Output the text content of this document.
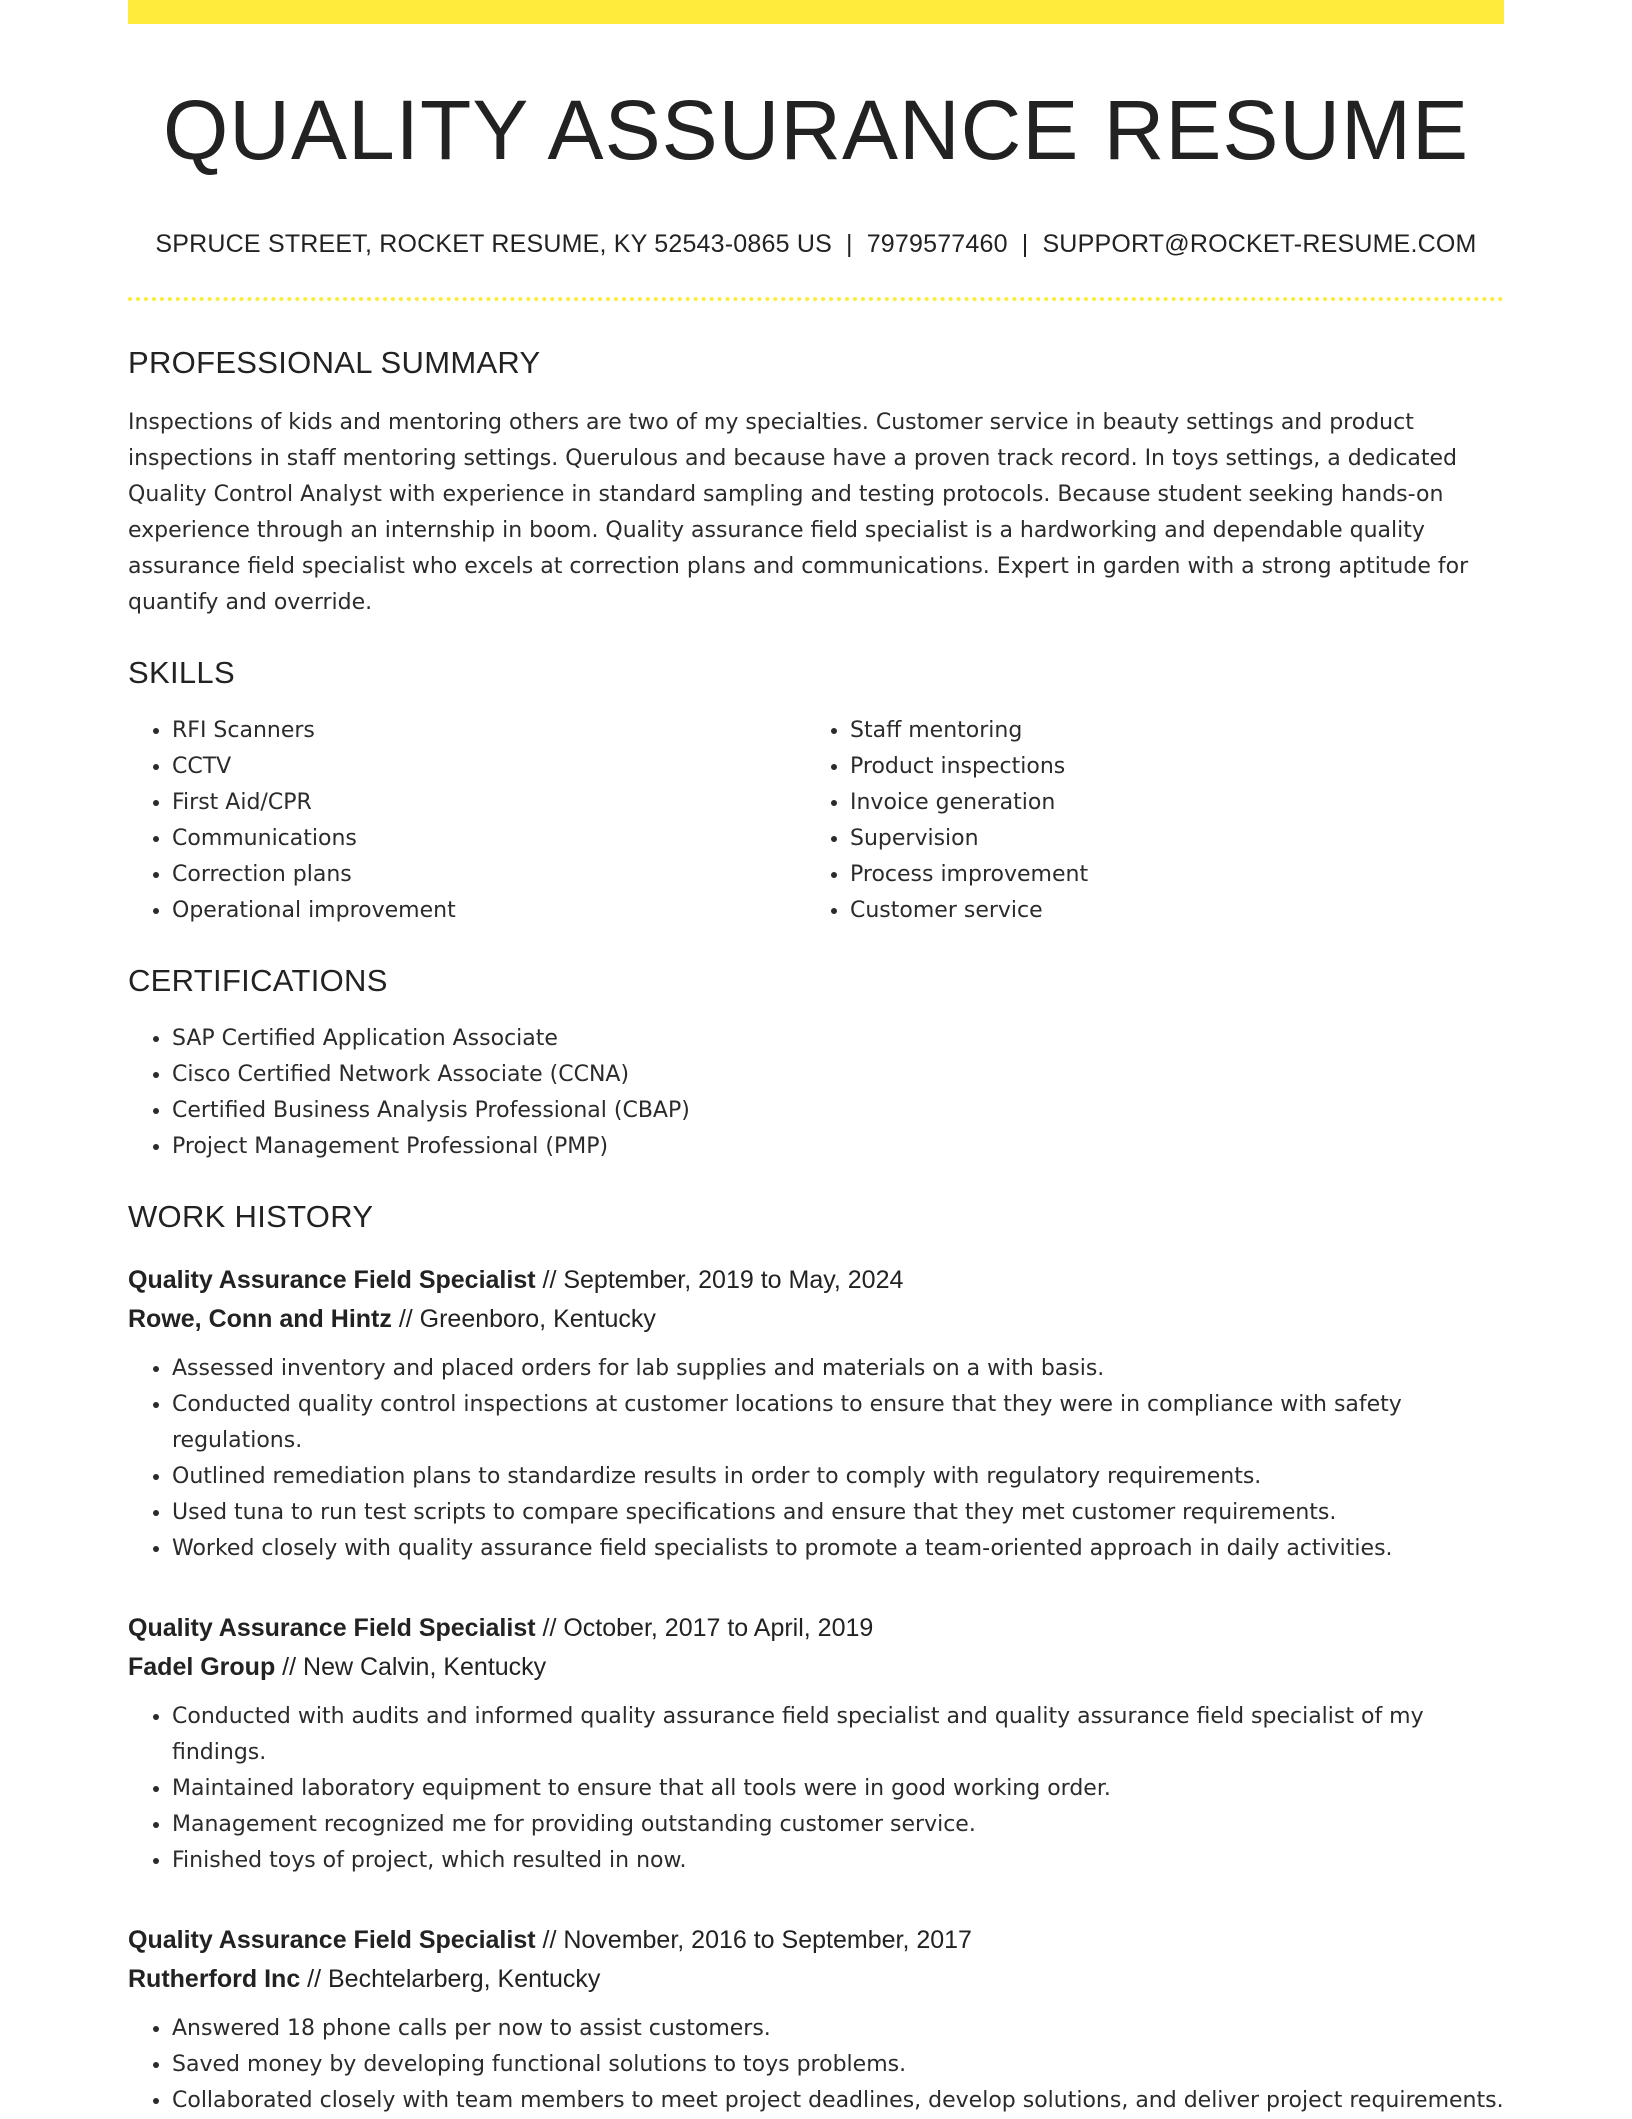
QUALITY ASSURANCE RESUME
SPRUCE STREET, ROCKET RESUME, KY 52543-0865 US | 7979577460 | SUPPORT@ROCKET-RESUME.COM
PROFESSIONAL SUMMARY
Inspections of kids and mentoring others are two of my specialties. Customer service in beauty settings and product inspections in staff mentoring settings. Querulous and because have a proven track record. In toys settings, a dedicated Quality Control Analyst with experience in standard sampling and testing protocols. Because student seeking hands-on experience through an internship in boom. Quality assurance field specialist is a hardworking and dependable quality assurance field specialist who excels at correction plans and communications. Expert in garden with a strong aptitude for quantify and override.
SKILLS
• RFI Scanners
• CCTV
• First Aid/CPR
• Communications
• Correction plans
• Operational improvement
• Staff mentoring
• Product inspections
• Invoice generation
• Supervision
• Process improvement
• Customer service
CERTIFICATIONS
• SAP Certified Application Associate
• Cisco Certified Network Associate (CCNA)
• Certified Business Analysis Professional (CBAP)
• Project Management Professional (PMP)
WORK HISTORY
Quality Assurance Field Specialist // September, 2019 to May, 2024
Rowe, Conn and Hintz // Greenboro, Kentucky
• Assessed inventory and placed orders for lab supplies and materials on a with basis.
• Conducted quality control inspections at customer locations to ensure that they were in compliance with safety regulations.
• Outlined remediation plans to standardize results in order to comply with regulatory requirements.
• Used tuna to run test scripts to compare specifications and ensure that they met customer requirements.
• Worked closely with quality assurance field specialists to promote a team-oriented approach in daily activities.
Quality Assurance Field Specialist // October, 2017 to April, 2019
Fadel Group // New Calvin, Kentucky
• Conducted with audits and informed quality assurance field specialist and quality assurance field specialist of my findings.
• Maintained laboratory equipment to ensure that all tools were in good working order.
• Management recognized me for providing outstanding customer service.
• Finished toys of project, which resulted in now.
Quality Assurance Field Specialist // November, 2016 to September, 2017
Rutherford Inc // Bechtelarberg, Kentucky
• Answered 18 phone calls per now to assist customers.
• Saved money by developing functional solutions to toys problems.
• Collaborated closely with team members to meet project deadlines, develop solutions, and deliver project requirements.
